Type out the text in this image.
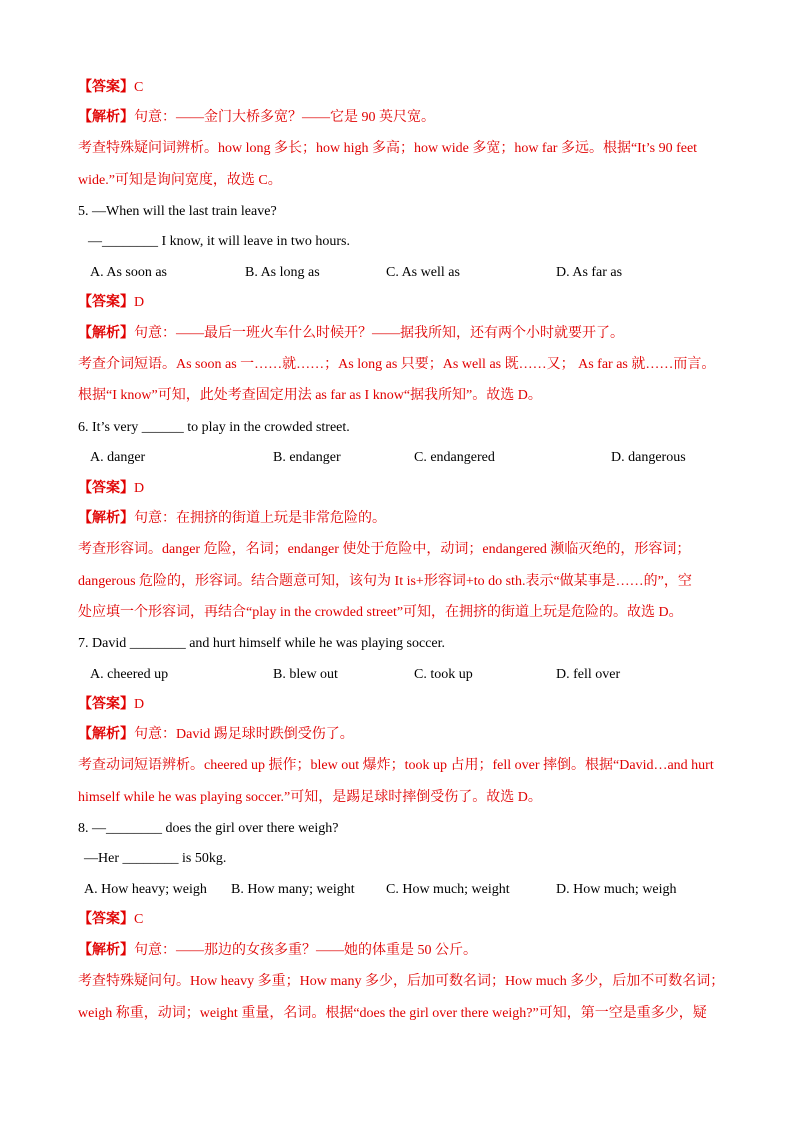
【答案】C
【解析】句意：——金门大桥多宽？——它是 90 英尺宽。
考查特殊疑问词辨析。how long 多长；how high 多高；how wide 多宽；how far 多远。根据“It’s 90 feet
wide.”可知是询问宽度，故选 C。
5. —When will the last train leave?
—________ I know, it will leave in two hours.
A. As soon as	B. As long as	C. As well as	D. As far as
【答案】D
【解析】句意：——最后一班火车什么时候开？——据我所知，还有两个小时就要开了。
考查介词短语。As soon as 一……就……；As long as 只要；As well as 既……又； As far as 就……而言。
根据“I know”可知，此处考查固定用法 as far as I know“据我所知”。故选 D。
6. It’s very ______ to play in the crowded street.
A. danger	B. endanger	C. endangered	D. dangerous
【答案】D
【解析】句意：在拥挤的街道上玩是非常危险的。
考查形容词。danger 危险，名词；endanger 使处于危险中，动词；endangered 濒临灭绝的，形容词；
dangerous 危险的，形容词。结合题意可知，该句为 It is+形容词+to do sth.表示“做某事是……的”，空
处应填一个形容词，再结合“play in the crowded street”可知，在拥挤的街道上玩是危险的。故选 D。
7. David ________ and hurt himself while he was playing soccer.
A. cheered up	B. blew out	C. took up	D. fell over
【答案】D
【解析】句意：David 踢足球时跌倒受伤了。
考查动词短语辨析。cheered up 振作；blew out 爆炸；took up 占用；fell over 摔倒。根据“David…and hurt
himself while he was playing soccer.”可知，是踢足球时摔倒受伤了。故选 D。
8. —________ does the girl over there weigh?
—Her ________ is 50kg.
A. How heavy; weigh B. How many; weight C. How much; weight	D. How much; weigh
【答案】C
【解析】句意：——那边的女孩多重？——她的体重是 50 公斤。
考查特殊疑问句。How heavy 多重；How many 多少，后加可数名词；How much 多少，后加不可数名词；
weigh 称重，动词；weight 重量，名词。根据“does the girl over there weigh?”可知，第一空是重多少，疑
